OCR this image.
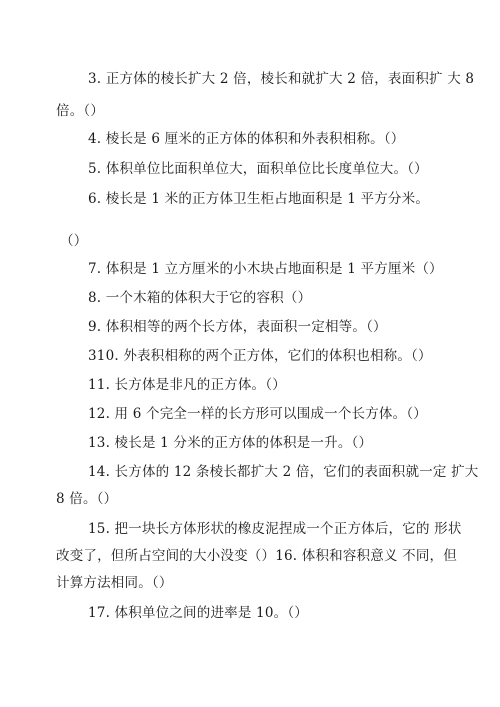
3. 正方体的棱长扩大 2 倍，棱长和就扩大 2 倍，表面积扩 大 8
倍。（）
4. 棱长是 6 厘米的正方体的体积和外表积相称。（）
5. 体积单位比面积单位大，面积单位比长度单位大。（）
6. 棱长是 1 米的正方体卫生柜占地面积是 1 平方分米。
（）
7. 体积是 1 立方厘米的小木块占地面积是 1 平方厘米（）
8. 一个木箱的体积大于它的容积（）
9. 体积相等的两个长方体，表面积一定相等。（）
310. 外表积相称的两个正方体，它们的体积也相称。（）
11. 长方体是非凡的正方体。（）
12. 用 6 个完全一样的长方形可以围成一个长方体。（）
13. 棱长是 1 分米的正方体的体积是一升。（）
14. 长方体的 12 条棱长都扩大 2 倍，它们的表面积就一定 扩大
8 倍。（）
15. 把一块长方体形状的橡皮泥捏成一个正方体后，它的 形状
改变了，但所占空间的大小没变（）16. 体积和容积意义 不同，但
计算方法相同。（）
17. 体积单位之间的进率是 10。（）
